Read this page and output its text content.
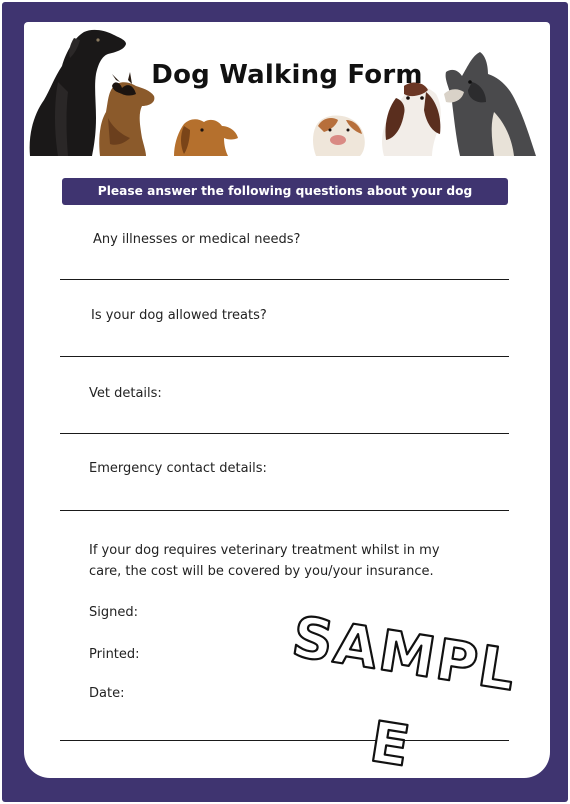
Dog Walking Form
Please answer the following questions about your dog
Any illnesses or medical needs?
Is your dog allowed treats?
Vet details:
Emergency contact details:
If your dog requires veterinary treatment whilst in my care, the cost will be covered by you/your insurance.
Signed:
Printed:
Date:	SAMPL
E
